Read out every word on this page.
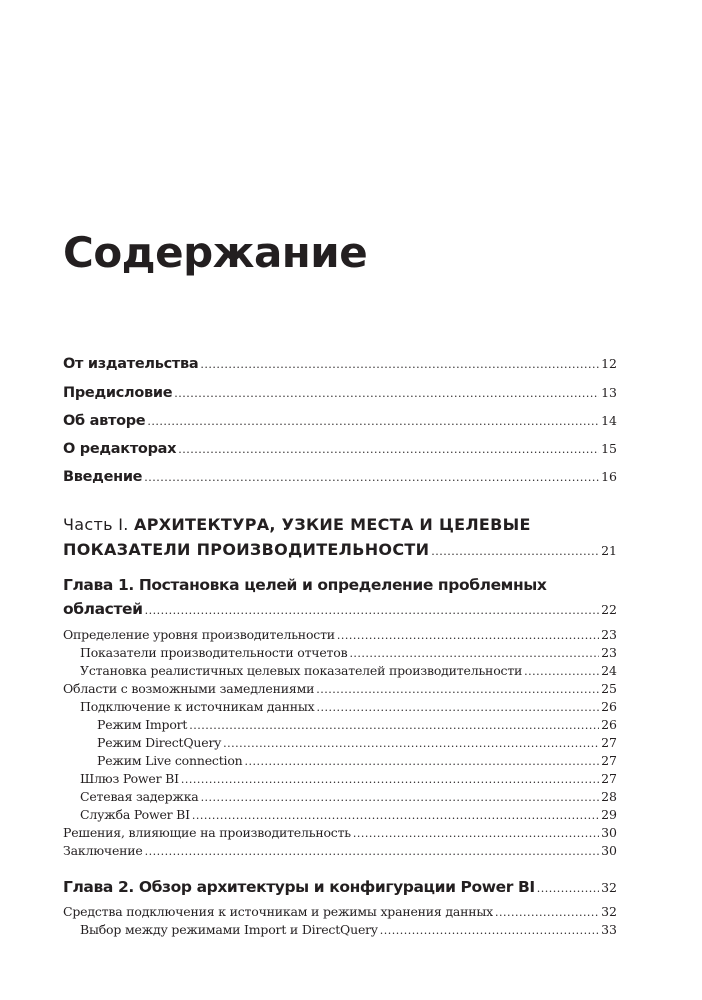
Содержание
От издательства .....	12
Предисловие .....	13
Об авторе .....	14
О редакторах .....	15
Введение .....	16
Часть I. АРХИТЕКТУРА, УЗКИЕ МЕСТА И ЦЕЛЕВЫЕ
ПОКАЗАТЕЛИ ПРОИЗВОДИТЕЛЬНОСТИ .....	21
Глава 1. Постановка целей и определение проблемных
областей .....	22
Определение уровня производительности .....	23
Показатели производительности отчетов .....	23
Установка реалистичных целевых показателей производительности .....	24
Области с возможными замедлениями .....	25
Подключение к источникам данных .....	26
Режим Import .....	26
Режим DirectQuery .....	27
Режим Live connection .....	27
Шлюз Power BI .....	27
Сетевая задержка .....	28
Служба Power BI .....	29
Решения, влияющие на производительность .....	30
Заключение .....	30
Глава 2. Обзор архитектуры и конфигурации Power BI .....	32
Средства подключения к источникам и режимы хранения данных .....	32
Выбор между режимами Import и DirectQuery .....	33
